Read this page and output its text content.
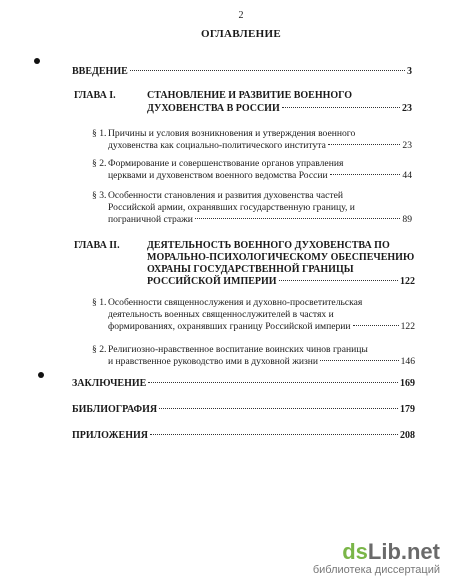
2
ОГЛАВЛЕНИЕ
ВВЕДЕНИЕ	3
ГЛАВА I.	СТАНОВЛЕНИЕ И РАЗВИТИЕ ВОЕННОГО
ДУХОВЕНСТВА В РОССИИ	23
§ 1. Причины и условия возникновения и утверждения военного
духовенства как социально-политического института	23
§ 2. Формирование и совершенствование органов управления
церквами и духовенством военного ведомства России	44
§ 3. Особенности становления и развития духовенства частей
Российской армии, охранявших государственную границу, и
пограничной стражи	89
ГЛАВА II.	ДЕЯТЕЛЬНОСТЬ ВОЕННОГО ДУХОВЕНСТВА ПО
МОРАЛЬНО-ПСИХОЛОГИЧЕСКОМУ ОБЕСПЕЧЕНИЮ
ОХРАНЫ ГОСУДАРСТВЕННОЙ ГРАНИЦЫ
РОССИЙСКОЙ ИМПЕРИИ	122
§ 1. Особенности священнослужения и духовно-просветительская
деятельность военных священнослужителей в частях и
формированиях, охранявших границу Российской империи	122
§ 2. Религиозно-нравственное воспитание воинских чинов границы
и нравственное руководство ими в духовной жизни	146
ЗАКЛЮЧЕНИЕ	169
БИБЛИОГРАФИЯ	179
ПРИЛОЖЕНИЯ	208
dsLib.net
библиотека диссертаций
